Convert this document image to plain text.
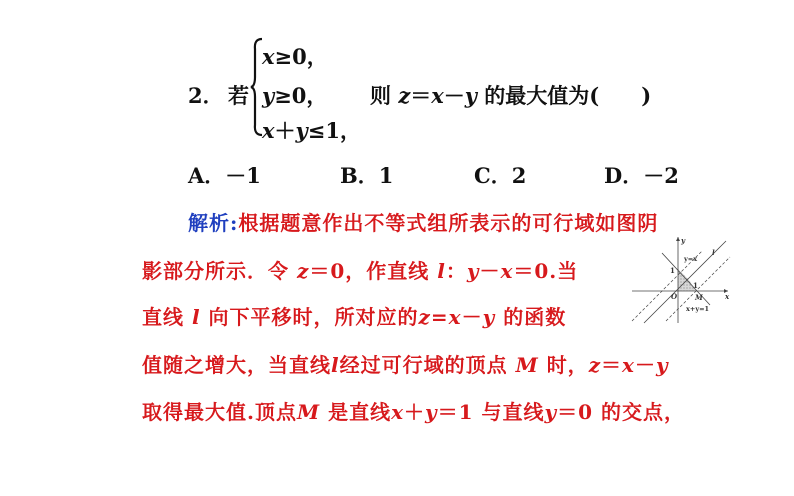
2． 若
x≥0，
y≥0，
x＋y≤1，
则 z＝x－y 的最大值为(　　)
A．－1	B．1	C．2	D．－2
解析:根据题意作出不等式组所表示的可行域如图阴
影部分所示．令 z＝0，作直线 l：y－x＝0.当
直线 l 向下平移时，所对应的z=x－y 的函数
值随之增大，当直线l经过可行域的顶点 M 时，z＝x－y
取得最大值.顶点M 是直线x＋y＝1 与直线y＝0 的交点，
y
x
y=x
l
1
1
O	M
x+y=1
